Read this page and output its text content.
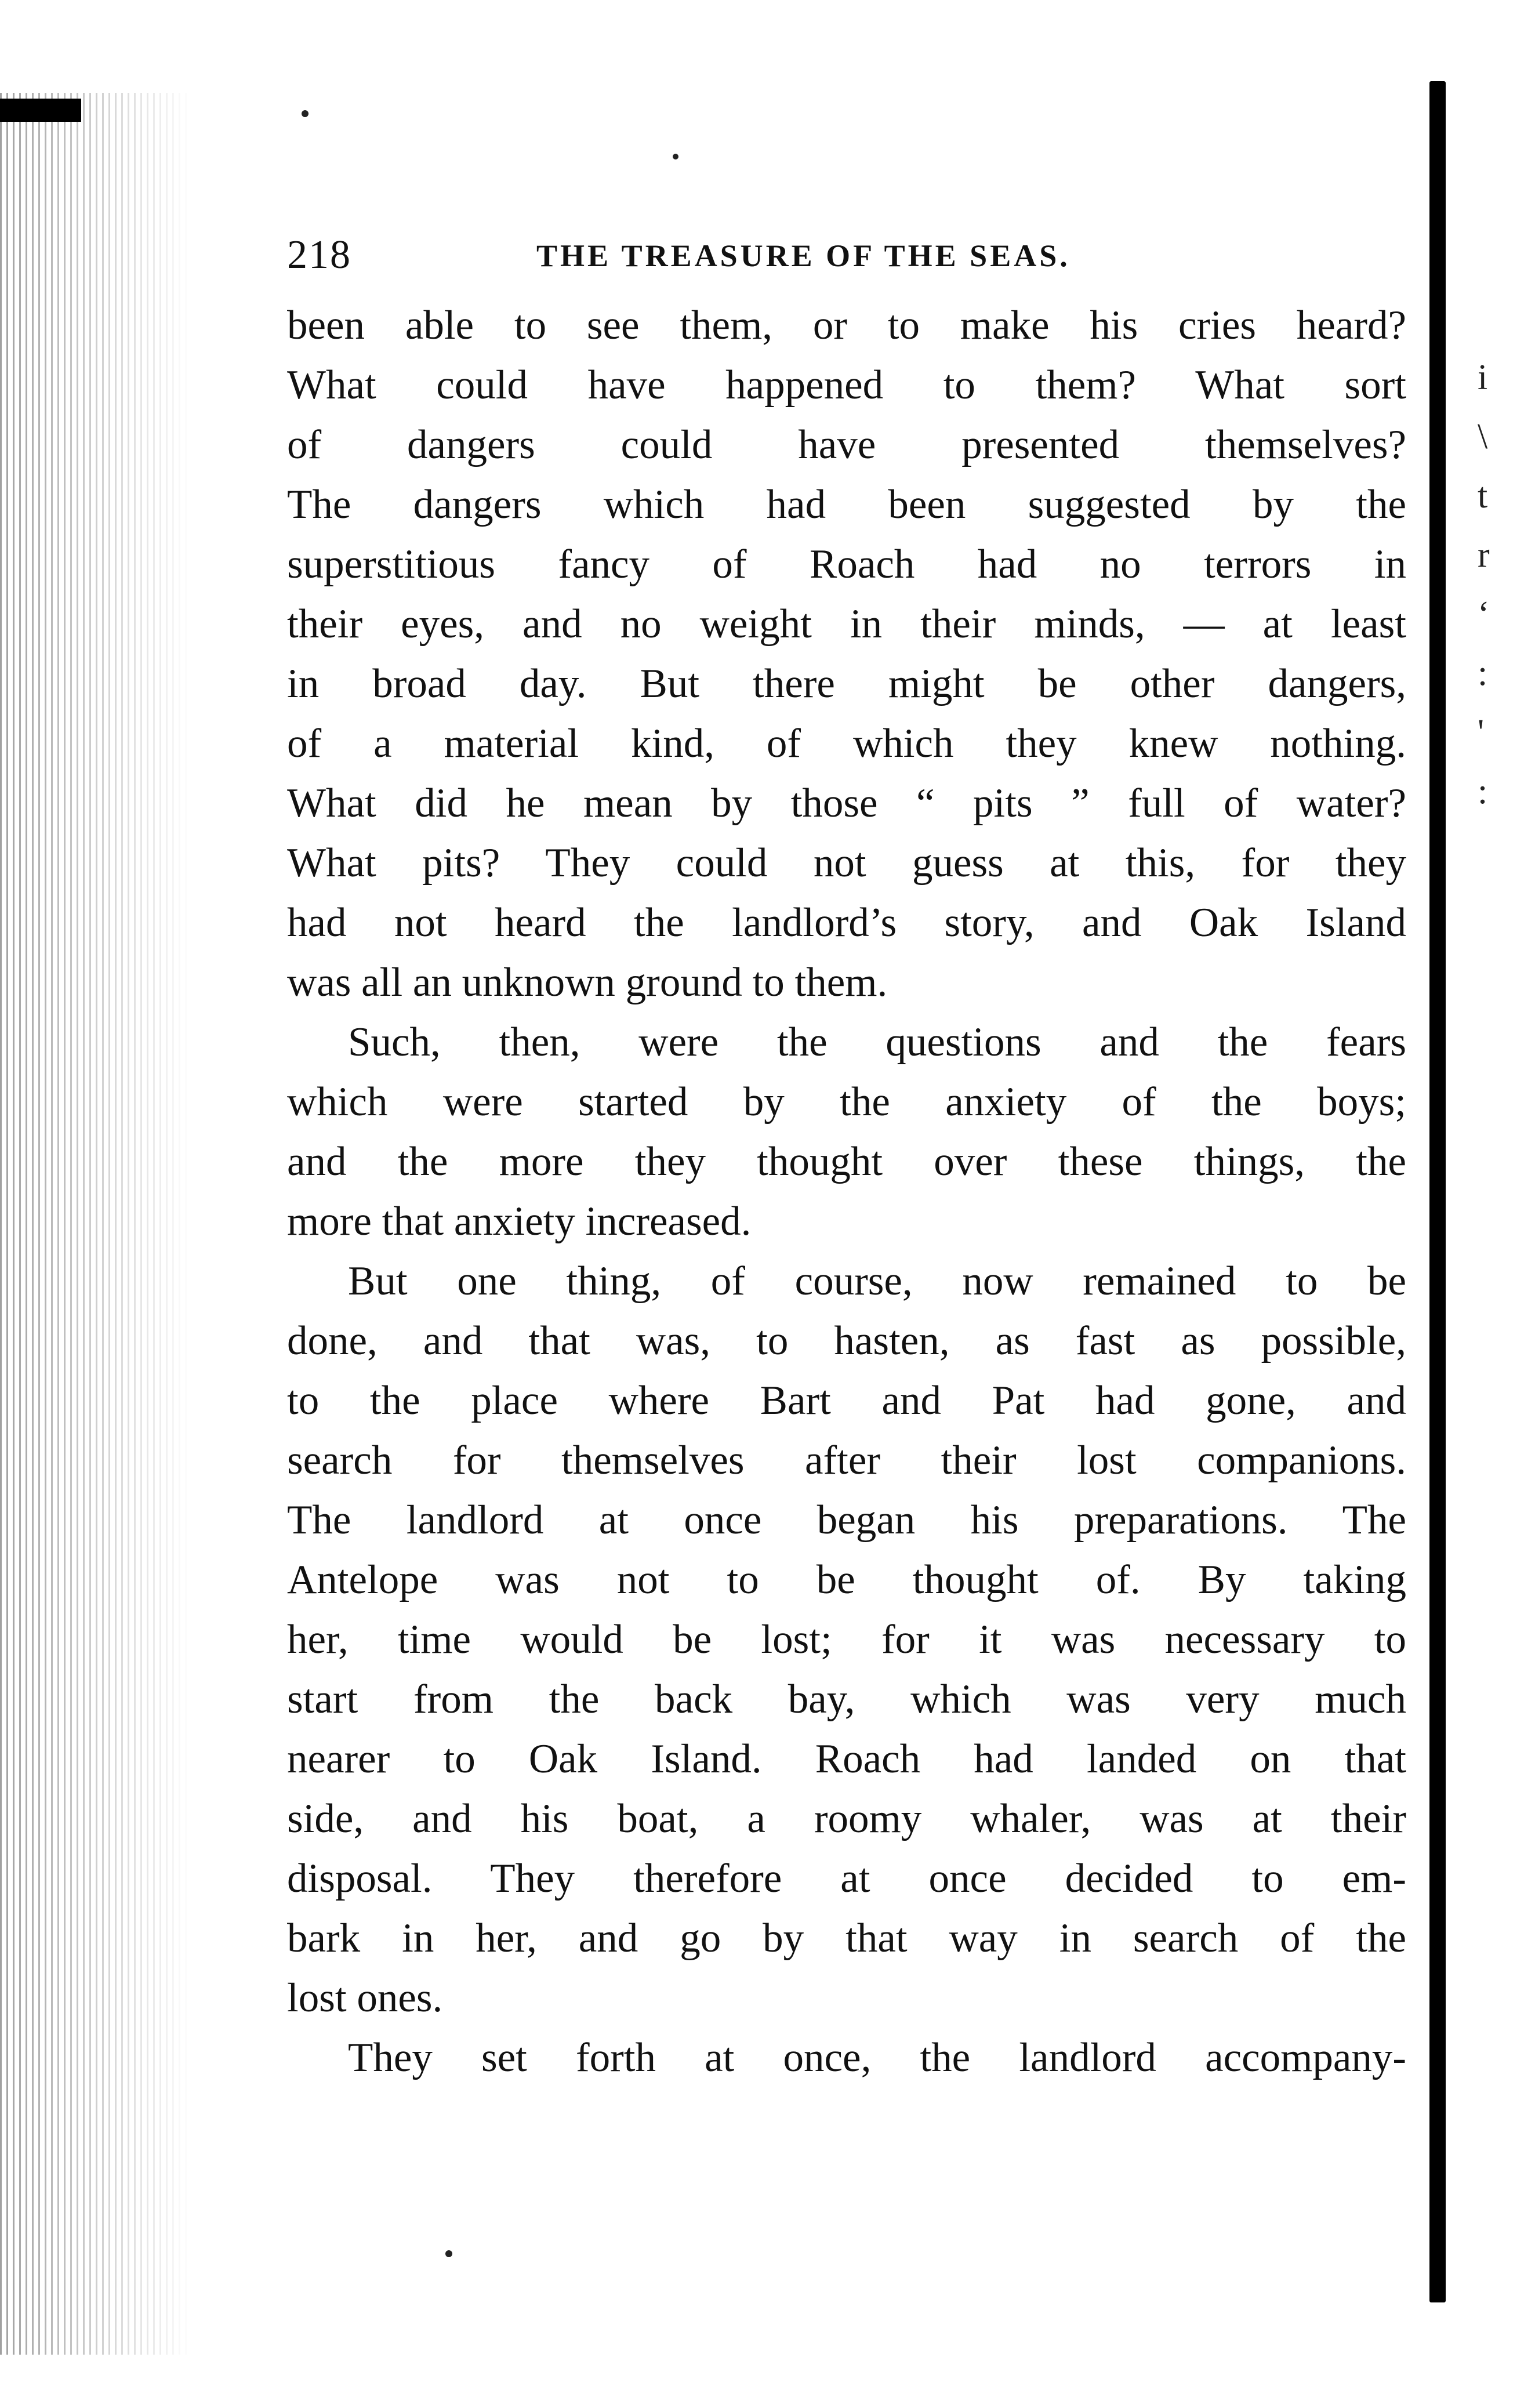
i
\
t
r
‘
:
'
:
218	THE TREASURE OF THE SEAS.
been able to see them, or to make his cries heard?
What could have happened to them? What sort
of dangers could have presented themselves?
The dangers which had been suggested by the
superstitious fancy of Roach had no terrors in
their eyes, and no weight in their minds, — at least
in broad day. But there might be other dangers,
of a material kind, of which they knew nothing.
What did he mean by those “ pits ” full of water?
What pits? They could not guess at this, for they
had not heard the landlord’s story, and Oak Island
was all an unknown ground to them.
Such, then, were the questions and the fears
which were started by the anxiety of the boys;
and the more they thought over these things, the
more that anxiety increased.
But one thing, of course, now remained to be
done, and that was, to hasten, as fast as possible,
to the place where Bart and Pat had gone, and
search for themselves after their lost companions.
The landlord at once began his preparations. The
Antelope was not to be thought of. By taking
her, time would be lost; for it was necessary to
start from the back bay, which was very much
nearer to Oak Island. Roach had landed on that
side, and his boat, a roomy whaler, was at their
disposal. They therefore at once decided to em-
bark in her, and go by that way in search of the
lost ones.
They set forth at once, the landlord accompany-
